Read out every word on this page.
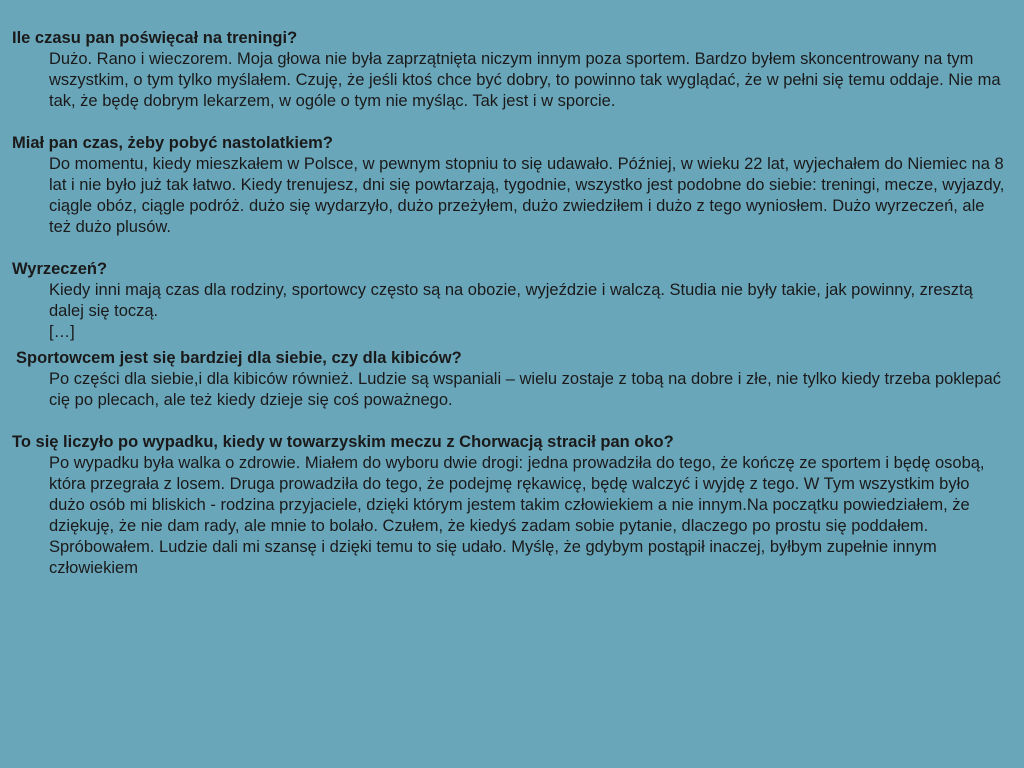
Ile czasu pan poświęcał na treningi?

Dużo. Rano i wieczorem. Moja głowa nie była zaprzątnięta niczym innym poza sportem. Bardzo byłem skoncentrowany na tym wszystkim, o tym tylko myślałem. Czuję, że jeśli ktoś chce być dobry, to powinno tak wyglądać, że w pełni się temu oddaje. Nie ma tak, że będę dobrym lekarzem, w ogóle o tym nie myśląc. Tak jest i w sporcie.

Miał pan czas, żeby pobyć nastolatkiem?

Do momentu, kiedy mieszkałem w Polsce, w pewnym stopniu to się udawało. Później, w wieku 22 lat, wyjechałem do Niemiec na 8 lat i nie było już tak łatwo. Kiedy trenujesz, dni się powtarzają, tygodnie, wszystko jest podobne do siebie: treningi, mecze, wyjazdy, ciągle obóz, ciągle podróż. dużo się wydarzyło, dużo przeżyłem, dużo zwiedziłem i dużo z tego wyniosłem. Dużo wyrzeczeń, ale też dużo plusów.

Wyrzeczeń?

Kiedy inni mają czas dla rodziny, sportowcy często są na obozie, wyjeździe i walczą. Studia nie były takie, jak powinny, zresztą dalej się toczą.

[…]

Sportowcem jest się bardziej dla siebie, czy dla kibiców?

Po części dla siebie,i dla kibiców również. Ludzie są wspaniali – wielu zostaje z tobą na dobre i złe, nie tylko kiedy trzeba poklepać cię po plecach, ale też kiedy dzieje się coś poważnego.

To się liczyło po wypadku, kiedy w towarzyskim meczu z Chorwacją stracił pan oko?

Po wypadku była walka o zdrowie. Miałem do wyboru dwie drogi: jedna prowadziła do tego, że kończę ze sportem i będę osobą, która przegrała z losem. Druga prowadziła do tego, że podejmę rękawicę, będę walczyć i wyjdę z tego. W Tym wszystkim było dużo osób mi bliskich - rodzina przyjaciele, dzięki którym jestem takim człowiekiem a nie innym.Na początku powiedziałem, że dziękuję, że nie dam rady, ale mnie to bolało. Czułem, że kiedyś zadam sobie pytanie, dlaczego po prostu się poddałem. Spróbowałem. Ludzie dali mi szansę i dzięki temu to się udało. Myślę, że gdybym postąpił inaczej, byłbym zupełnie innym człowiekiem
